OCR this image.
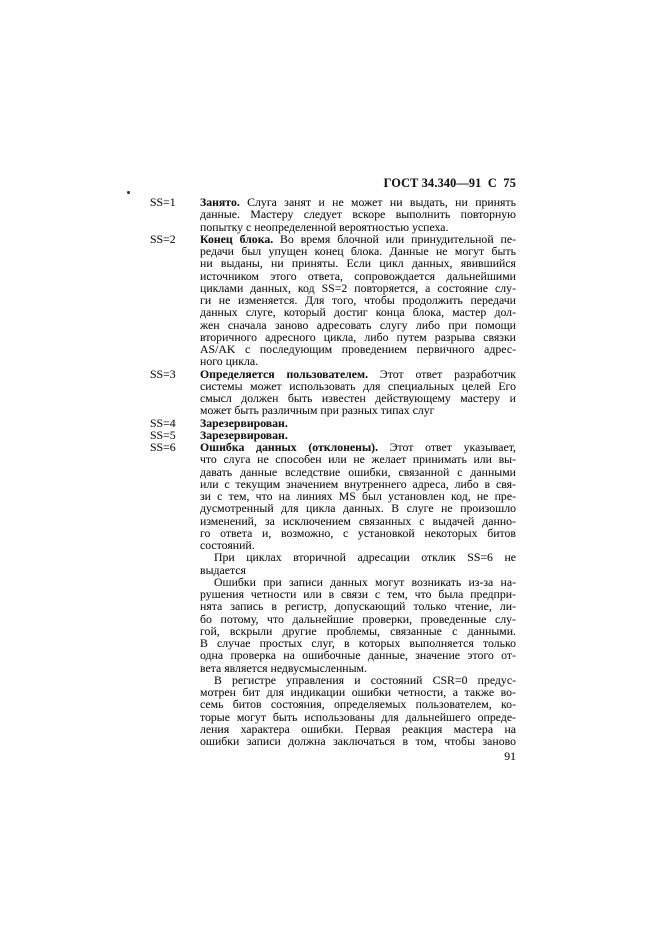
ГОСТ 34.340—91  С  75
SS=1	Занято. Слуга занят и не может ни выдать, ни принять
данные. Мастеру следует вскоре выполнить повторную
попытку с неопределенной вероятностью успеха.
SS=2	Конец блока. Во время блочной или принудительной пе-
редачи был упущен конец блока. Данные не могут быть
ни выданы, ни приняты. Если цикл данных, явившийся
источником этого ответа, сопровождается дальнейшими
циклами данных, код SS=2 повторяется, а состояние слу-
ги не изменяется. Для того, чтобы продолжить передачи
данных слуге, который достиг конца блока, мастер дол-
жен сначала заново адресовать слугу либо при помощи
вторичного адресного цикла, либо путем разрыва связки
AS/AK с последующим проведением первичного адрес-
ного цикла.
SS=3	Определяется пользователем. Этот ответ разработчик
системы может использовать для специальных целей Его
смысл должен быть известен действующему мастеру и
может быть различным при разных типах слуг
SS=4	Зарезервирован.
SS=5	Зарезервирован.
SS=6	Ошибка данных (отклонены). Этот ответ указывает,
что слуга не способен или не желает принимать или вы-
давать данные вследствие ошибки, связанной с данными
или с текущим значением внутреннего адреса, либо в свя-
зи с тем, что на линиях MS был установлен код, не пре-
дусмотренный для цикла данных. В слуге не произошло
изменений, за исключением связанных с выдачей данно-
го ответа и, возможно, с установкой некоторых битов
состояний.
При циклах вторичной адресации отклик SS=6 не
выдается
Ошибки при записи данных могут возникать из-за на-
рушения четности или в связи с тем, что была предпри-
нята запись в регистр, допускающий только чтение, ли-
бо потому, что дальнейшие проверки, проведенные слу-
гой, вскрыли другие проблемы, связанные с данными.
В случае простых слуг, в которых выполняется только
одна проверка на ошибочные данные, значение этого от-
вета является недвусмысленным.
В регистре управления и состояний CSR=0 предус-
мотрен бит для индикации ошибки четности, а также во-
семь битов состояния, определяемых пользователем, ко-
торые могут быть использованы для дальнейшего опреде-
ления характера ошибки. Первая реакция мастера на
ошибки записи должна заключаться в том, чтобы заново
91
